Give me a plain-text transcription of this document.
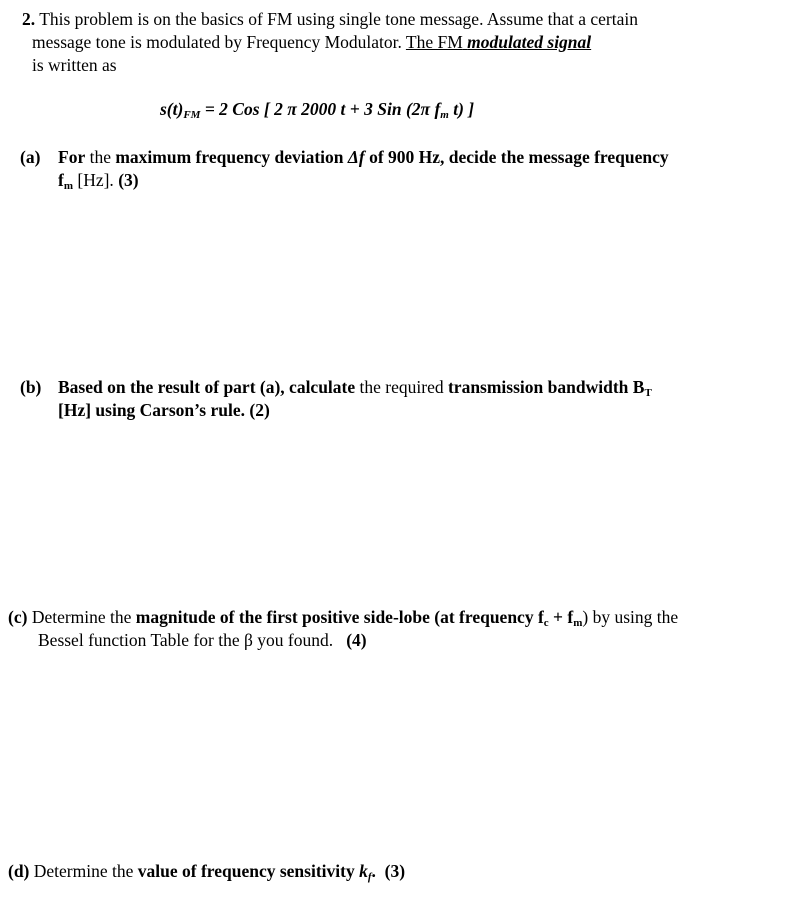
2. This problem is on the basics of FM using single tone message. Assume that a certain
message tone is modulated by Frequency Modulator. The FM modulated signal
is written as
$s(t)_{FM} = 2$ Cos [ 2 π 2000 t + 3 Sin (2π $f_m$ t) ]
(a) For the maximum frequency deviation Δf of 900 Hz, decide the message frequency
$f_m$ [Hz]. (3)
(b) Based on the result of part (a), calculate the required transmission bandwidth $B_T$
[Hz] using Carson’s rule. (2)
(c) Determine the magnitude of the first positive side-lobe (at frequency $f_c + f_m$) by using the
Bessel function Table for the β you found.   (4)
(d) Determine the value of frequency sensitivity $k_f$.  (3)
